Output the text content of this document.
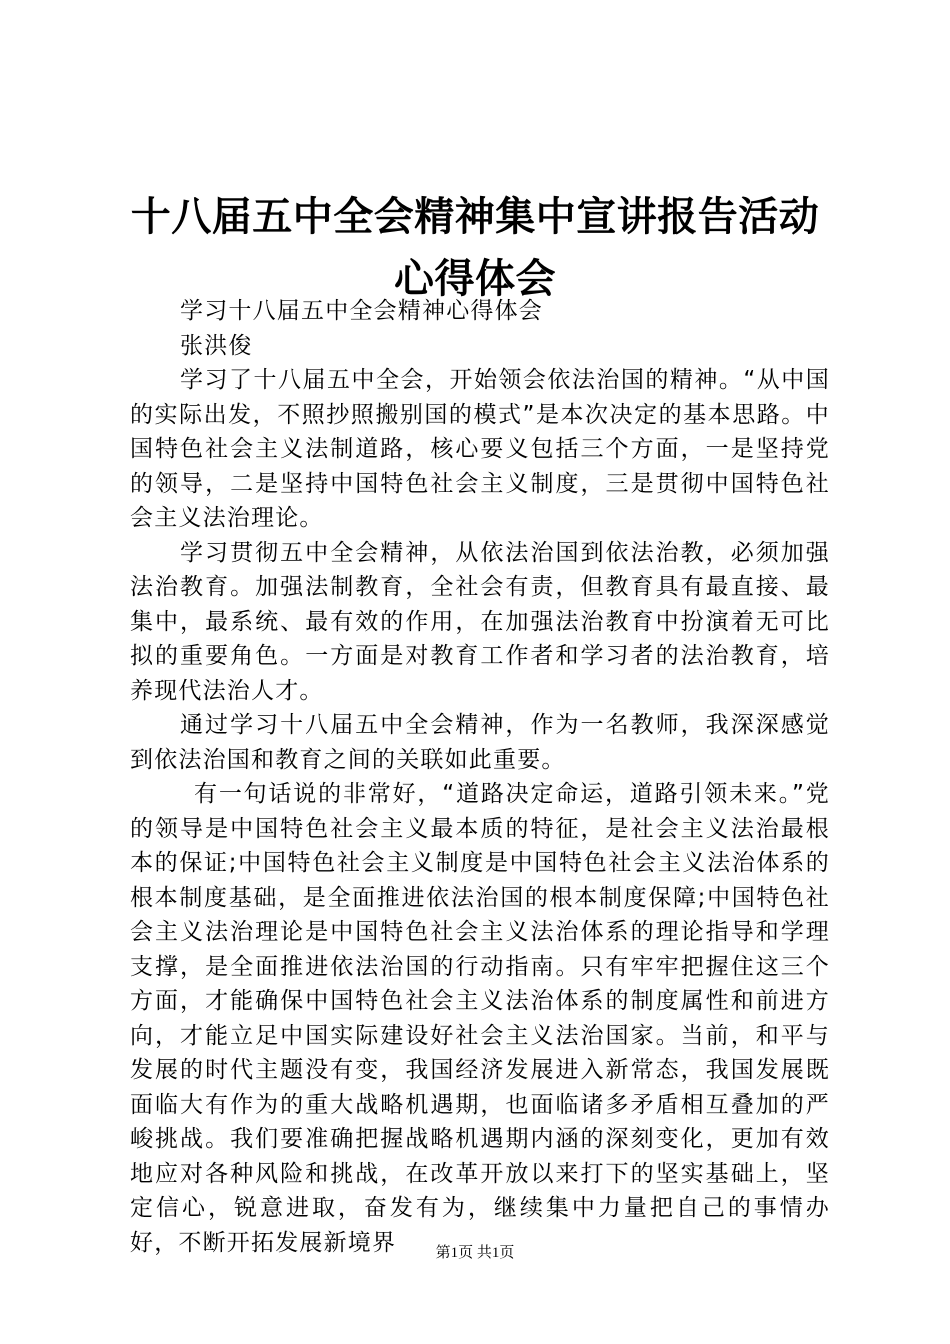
十八届五中全会精神集中宣讲报告活动心得体会

学习十八届五中全会精神心得体会

张洪俊

学习了十八届五中全会，开始领会依法治国的精神。“从中国的实际出发，不照抄照搬别国的模式”是本次决定的基本思路。中国特色社会主义法制道路，核心要义包括三个方面，一是坚持党的领导，二是坚持中国特色社会主义制度，三是贯彻中国特色社会主义法治理论。

学习贯彻五中全会精神，从依法治国到依法治教，必须加强法治教育。加强法制教育，全社会有责，但教育具有最直接、最集中，最系统、最有效的作用，在加强法治教育中扮演着无可比拟的重要角色。一方面是对教育工作者和学习者的法治教育，培养现代法治人才。

通过学习十八届五中全会精神，作为一名教师，我深深感觉到依法治国和教育之间的关联如此重要。

有一句话说的非常好，“道路决定命运，道路引领未来。”党的领导是中国特色社会主义最本质的特征，是社会主义法治最根本的保证;中国特色社会主义制度是中国特色社会主义法治体系的根本制度基础，是全面推进依法治国的根本制度保障;中国特色社会主义法治理论是中国特色社会主义法治体系的理论指导和学理支撑，是全面推进依法治国的行动指南。只有牢牢把握住这三个方面，才能确保中国特色社会主义法治体系的制度属性和前进方向，才能立足中国实际建设好社会主义法治国家。当前，和平与发展的时代主题没有变，我国经济发展进入新常态，我国发展既面临大有作为的重大战略机遇期，也面临诸多矛盾相互叠加的严峻挑战。我们要准确把握战略机遇期内涵的深刻变化，更加有效地应对各种风险和挑战，在改革开放以来打下的坚实基础上，坚定信心，锐意进取，奋发有为，继续集中力量把自己的事情办好，不断开拓发展新境界	第1页 共1页
